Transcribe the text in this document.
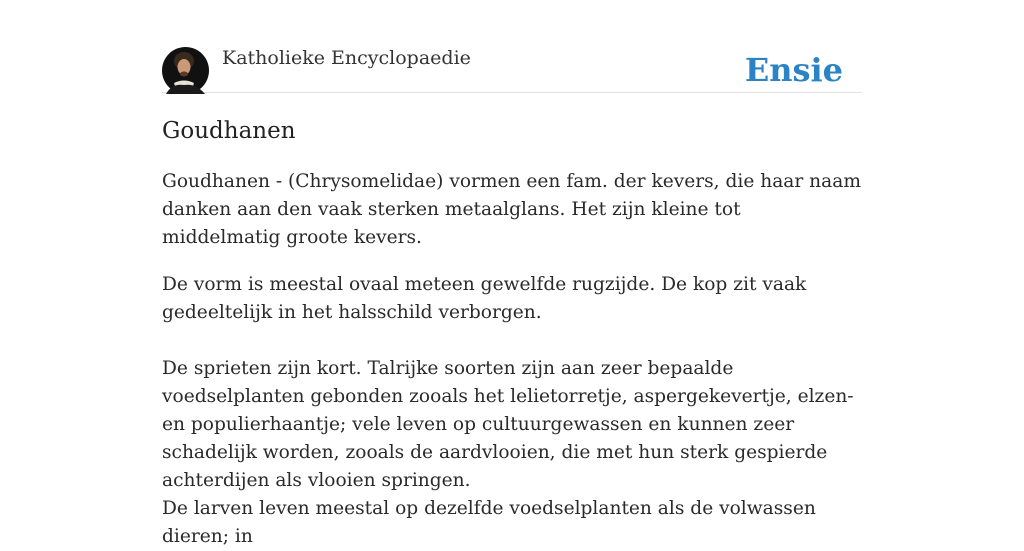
Katholieke Encyclopaedie	Ensie
Goudhanen

Goudhanen - (Chrysomelidae) vormen een fam. der kevers, die haar naam danken aan den vaak sterken metaalglans. Het zijn kleine tot middelmatig groote kevers.

De vorm is meestal ovaal meteen gewelfde rugzijde. De kop zit vaak gedeeltelijk in het halsschild verborgen.

De sprieten zijn kort. Talrijke soorten zijn aan zeer bepaalde voedselplanten gebonden zooals het lelietorretje, aspergekevertje, elzen- en populierhaantje; vele leven op cultuurgewassen en kunnen zeer schadelijk worden, zooals de aardvlooien, die met hun sterk gespierde achterdijen als vlooien springen.

De larven leven meestal op dezelfde voedselplanten als de volwassen dieren; in
